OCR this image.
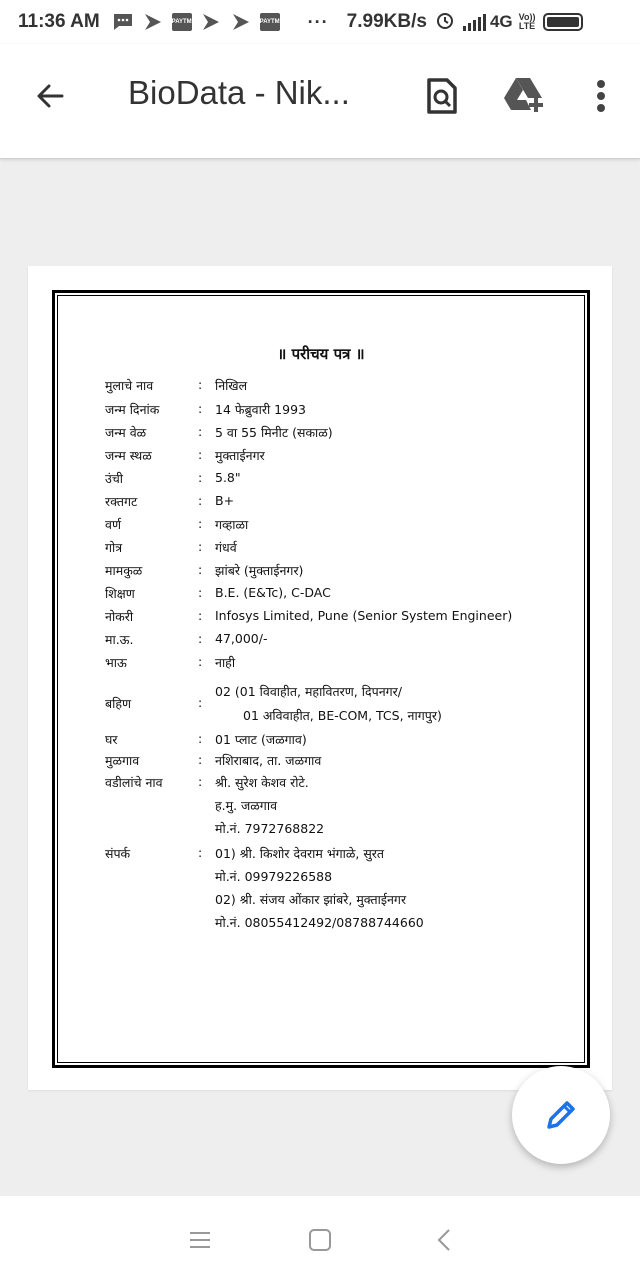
11:36 AM	PAYTM	PAYTM ··· 7.99KB/s	4G Vo))
LTE
BioData - Nik...
॥ परीचय पत्र ॥
मुलाचे नाव	: निखिल
जन्म दिनांक	: 14 फेब्रुवारी 1993
जन्म वेळ	: 5 वा 55 मिनीट (सकाळ)
जन्म स्थळ	: मुक्ताईनगर
उंची	: 5.8"
रक्तगट	: B+
वर्ण	: गव्हाळा
गोत्र	: गंधर्व
मामकुळ	: झांबरे (मुक्ताईनगर)
शिक्षण	: B.E. (E&Tc), C-DAC
नोकरी	: Infosys Limited, Pune (Senior System Engineer)
मा.ऊ.	: 47,000/-
भाऊ	: नाही
बहिण	:
02 (01 विवाहीत, महावितरण, दिपनगर/
01 अविवाहीत, BE-COM, TCS, नागपुर)
घर	: 01 प्लाट (जळगाव)
मुळगाव	: नशिराबाद, ता. जळगाव
वडीलांचे नाव	: श्री. सुरेश केशव रोटे.
ह.मु. जळगाव
मो.नं. 7972768822
संपर्क	: 01) श्री. किशोर देवराम भंगाळे, सुरत
मो.नं. 09979226588
02) श्री. संजय ओंकार झांबरे, मुक्ताईनगर
मो.नं. 08055412492/08788744660
